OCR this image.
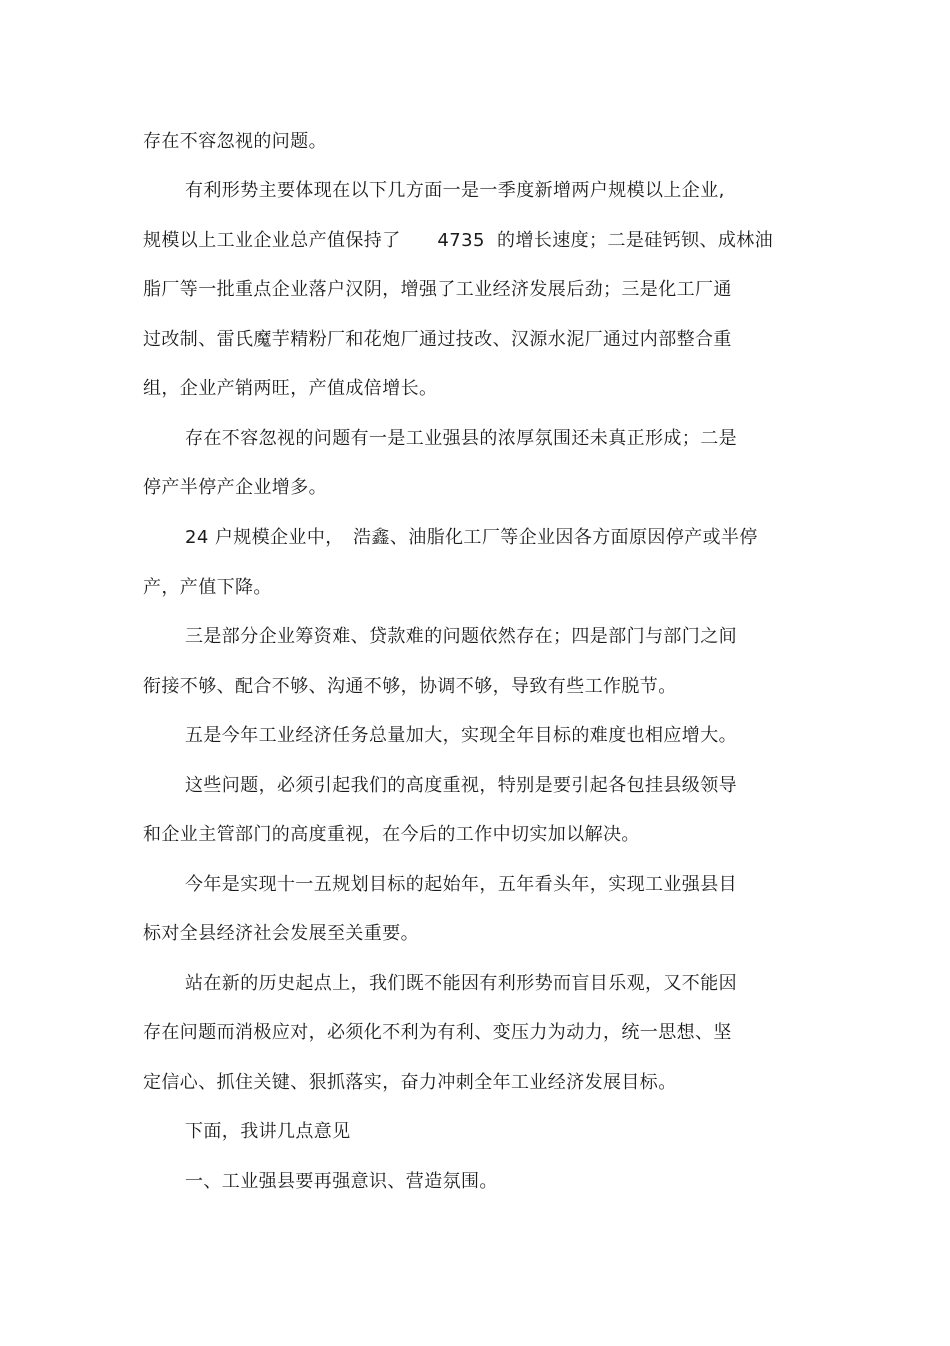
存在不容忽视的问题。
有利形势主要体现在以下几方面一是一季度新增两户规模以上企业,
规模以上工业企业总产值保持了　　4735  的增长速度；二是硅钙钡、成林油
脂厂等一批重点企业落户汉阴，增强了工业经济发展后劲；三是化工厂通
过改制、雷氏魔芋精粉厂和花炮厂通过技改、汉源水泥厂通过内部整合重
组，企业产销两旺，产值成倍增长。
存在不容忽视的问题有一是工业强县的浓厚氛围还未真正形成；二是
停产半停产企业增多。
24 户规模企业中，　浩鑫、油脂化工厂等企业因各方面原因停产或半停
产，产值下降。
三是部分企业筹资难、贷款难的问题依然存在；四是部门与部门之间
衔接不够、配合不够、沟通不够，协调不够，导致有些工作脱节。
五是今年工业经济任务总量加大，实现全年目标的难度也相应增大。
这些问题，必须引起我们的高度重视，特别是要引起各包挂县级领导
和企业主管部门的高度重视，在今后的工作中切实加以解决。
今年是实现十一五规划目标的起始年，五年看头年，实现工业强县目
标对全县经济社会发展至关重要。
站在新的历史起点上，我们既不能因有利形势而盲目乐观，又不能因
存在问题而消极应对，必须化不利为有利、变压力为动力，统一思想、坚
定信心、抓住关键、狠抓落实，奋力冲刺全年工业经济发展目标。
下面，我讲几点意见
一、工业强县要再强意识、营造氛围。
